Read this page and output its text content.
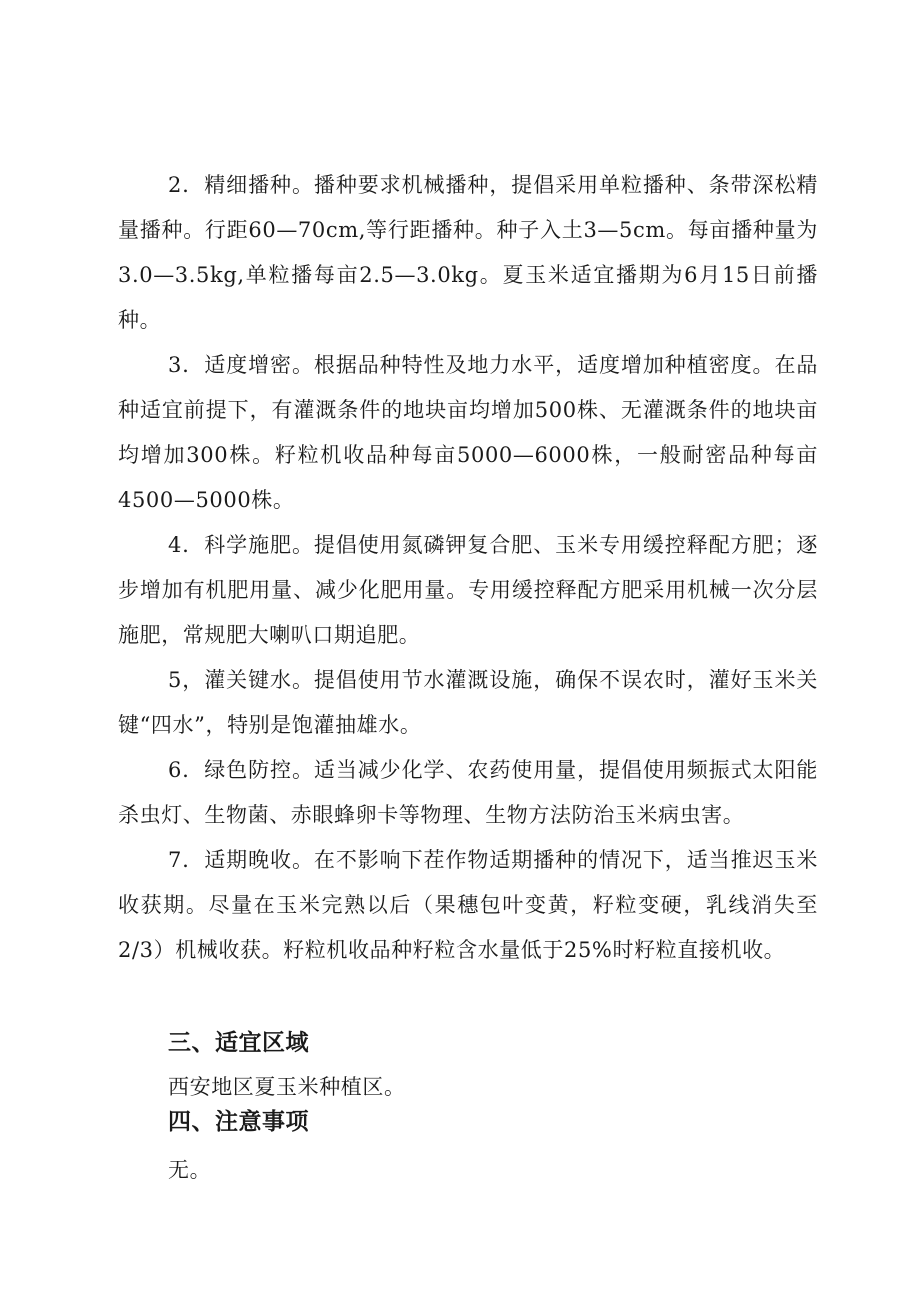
2．精细播种。播种要求机械播种，提倡采用单粒播种、条带深松精量播种。行距60—70cm,等行距播种。种子入土3—5cm。每亩播种量为3.0—3.5kg,单粒播每亩2.5—3.0kg。夏玉米适宜播期为6月15日前播种。

3．适度增密。根据品种特性及地力水平，适度增加种植密度。在品种适宜前提下，有灌溉条件的地块亩均增加500株、无灌溉条件的地块亩均增加300株。籽粒机收品种每亩5000—6000株，一般耐密品种每亩4500—5000株。

4．科学施肥。提倡使用氮磷钾复合肥、玉米专用缓控释配方肥；逐步增加有机肥用量、减少化肥用量。专用缓控释配方肥采用机械一次分层施肥，常规肥大喇叭口期追肥。

5，灌关键水。提倡使用节水灌溉设施，确保不误农时，灌好玉米关键“四水”，特别是饱灌抽雄水。

6．绿色防控。适当减少化学、农药使用量，提倡使用频振式太阳能杀虫灯、生物菌、赤眼蜂卵卡等物理、生物方法防治玉米病虫害。

7．适期晚收。在不影响下茬作物适期播种的情况下，适当推迟玉米收获期。尽量在玉米完熟以后（果穗包叶变黄，籽粒变硬，乳线消失至2/3）机械收获。籽粒机收品种籽粒含水量低于25%时籽粒直接机收。

三、适宜区域

西安地区夏玉米种植区。

四、注意事项

无。
